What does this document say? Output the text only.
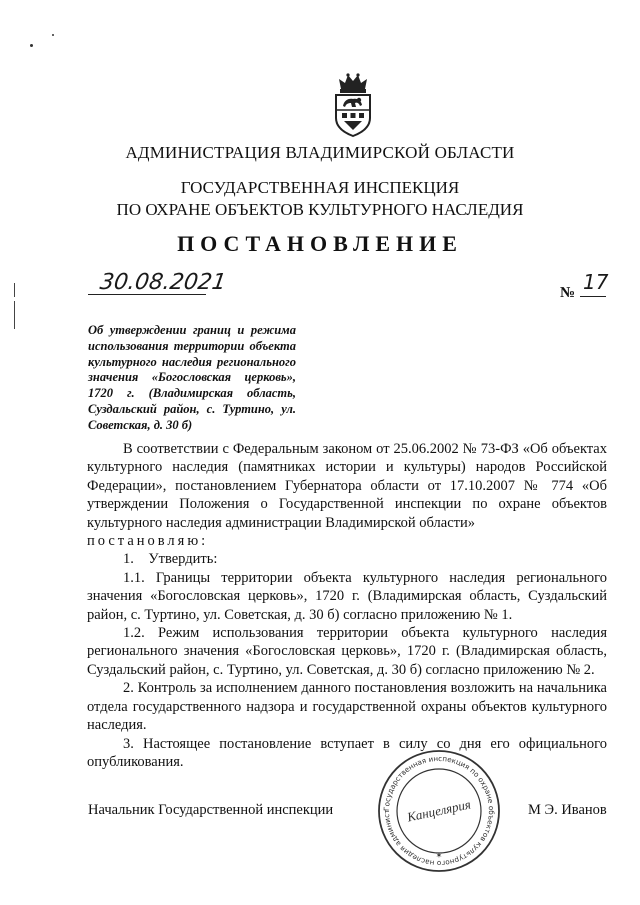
АДМИНИСТРАЦИЯ ВЛАДИМИРСКОЙ ОБЛАСТИ
ГОСУДАРСТВЕННАЯ ИНСПЕКЦИЯ
ПО ОХРАНЕ ОБЪЕКТОВ КУЛЬТУРНОГО НАСЛЕДИЯ
ПОСТАНОВЛЕНИЕ
30.08.2021	№ 17
Об утверждении границ и режима использования территории объекта культурного наследия регионального значения «Богословская церковь», 1720 г. (Владимирская область, Суздальский район, с. Туртино, ул. Советская, д. 30 б)

В соответствии с Федеральным законом от 25.06.2002 № 73-ФЗ «Об объектах культурного наследия (памятниках истории и культуры) народов Российской Федерации», постановлением Губернатора области от 17.10.2007 № 774 «Об утверждении Положения о Государственной инспекции по охране объектов культурного наследия администрации Владимирской области»

постановляю:

1.    Утвердить:

1.1. Границы территории объекта культурного наследия регионального значения «Богословская церковь», 1720 г. (Владимирская область, Суздальский район, с. Туртино, ул. Советская, д. 30 б) согласно приложению № 1.

1.2. Режим использования территории объекта культурного наследия регионального значения «Богословская церковь», 1720 г. (Владимирская область, Суздальский район, с. Туртино, ул. Советская, д. 30 б) согласно приложению № 2.

2. Контроль за исполнением данного постановления возложить на начальника отдела государственного надзора и государственной охраны объектов культурного наследия.

3. Настоящее постановление вступает в силу со дня его официального опубликования.

Начальник Государственной инспекции	М Э. Иванов
Государственная инспекция по охране объектов культурного наследия админист	Канцелярия
✶
